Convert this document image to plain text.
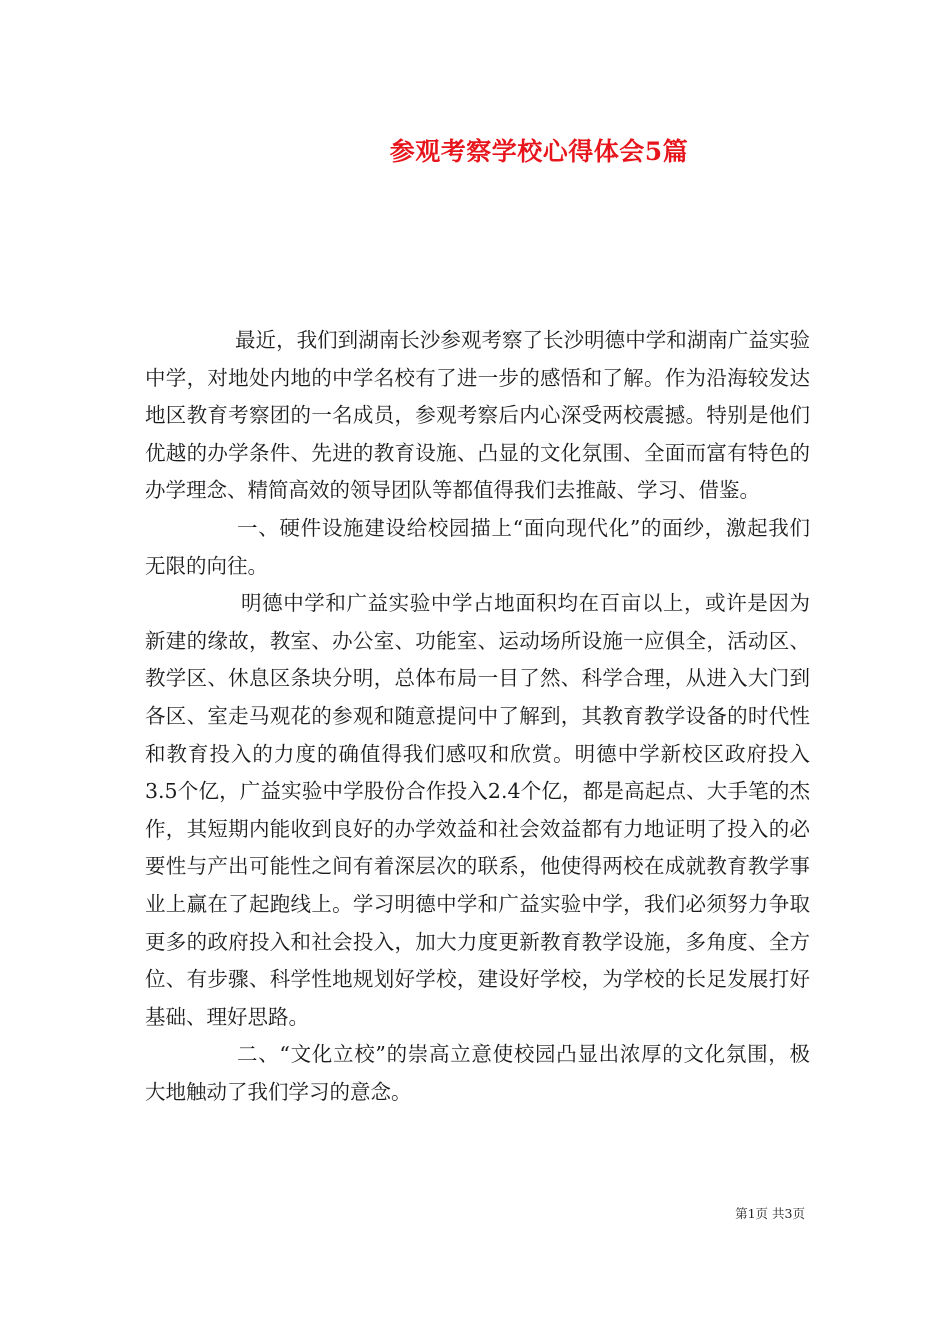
参观考察学校心得体会5篇

最近，我们到湖南长沙参观考察了长沙明德中学和湖南广益实验中学，对地处内地的中学名校有了进一步的感悟和了解。作为沿海较发达地区教育考察团的一名成员，参观考察后内心深受两校震撼。特别是他们优越的办学条件、先进的教育设施、凸显的文化氛围、全面而富有特色的办学理念、精简高效的领导团队等都值得我们去推敲、学习、借鉴。

一、硬件设施建设给校园描上“面向现代化”的面纱，激起我们无限的向往。

明德中学和广益实验中学占地面积均在百亩以上，或许是因为新建的缘故，教室、办公室、功能室、运动场所设施一应俱全，活动区、教学区、休息区条块分明，总体布局一目了然、科学合理，从进入大门到各区、室走马观花的参观和随意提问中了解到，其教育教学设备的时代性和教育投入的力度的确值得我们感叹和欣赏。明德中学新校区政府投入3.5个亿，广益实验中学股份合作投入2.4个亿，都是高起点、大手笔的杰作，其短期内能收到良好的办学效益和社会效益都有力地证明了投入的必要性与产出可能性之间有着深层次的联系，他使得两校在成就教育教学事业上赢在了起跑线上。学习明德中学和广益实验中学，我们必须努力争取更多的政府投入和社会投入，加大力度更新教育教学设施，多角度、全方位、有步骤、科学性地规划好学校，建设好学校，为学校的长足发展打好基础、理好思路。

二、“文化立校”的崇高立意使校园凸显出浓厚的文化氛围，极大地触动了我们学习的意念。

第1页 共3页
